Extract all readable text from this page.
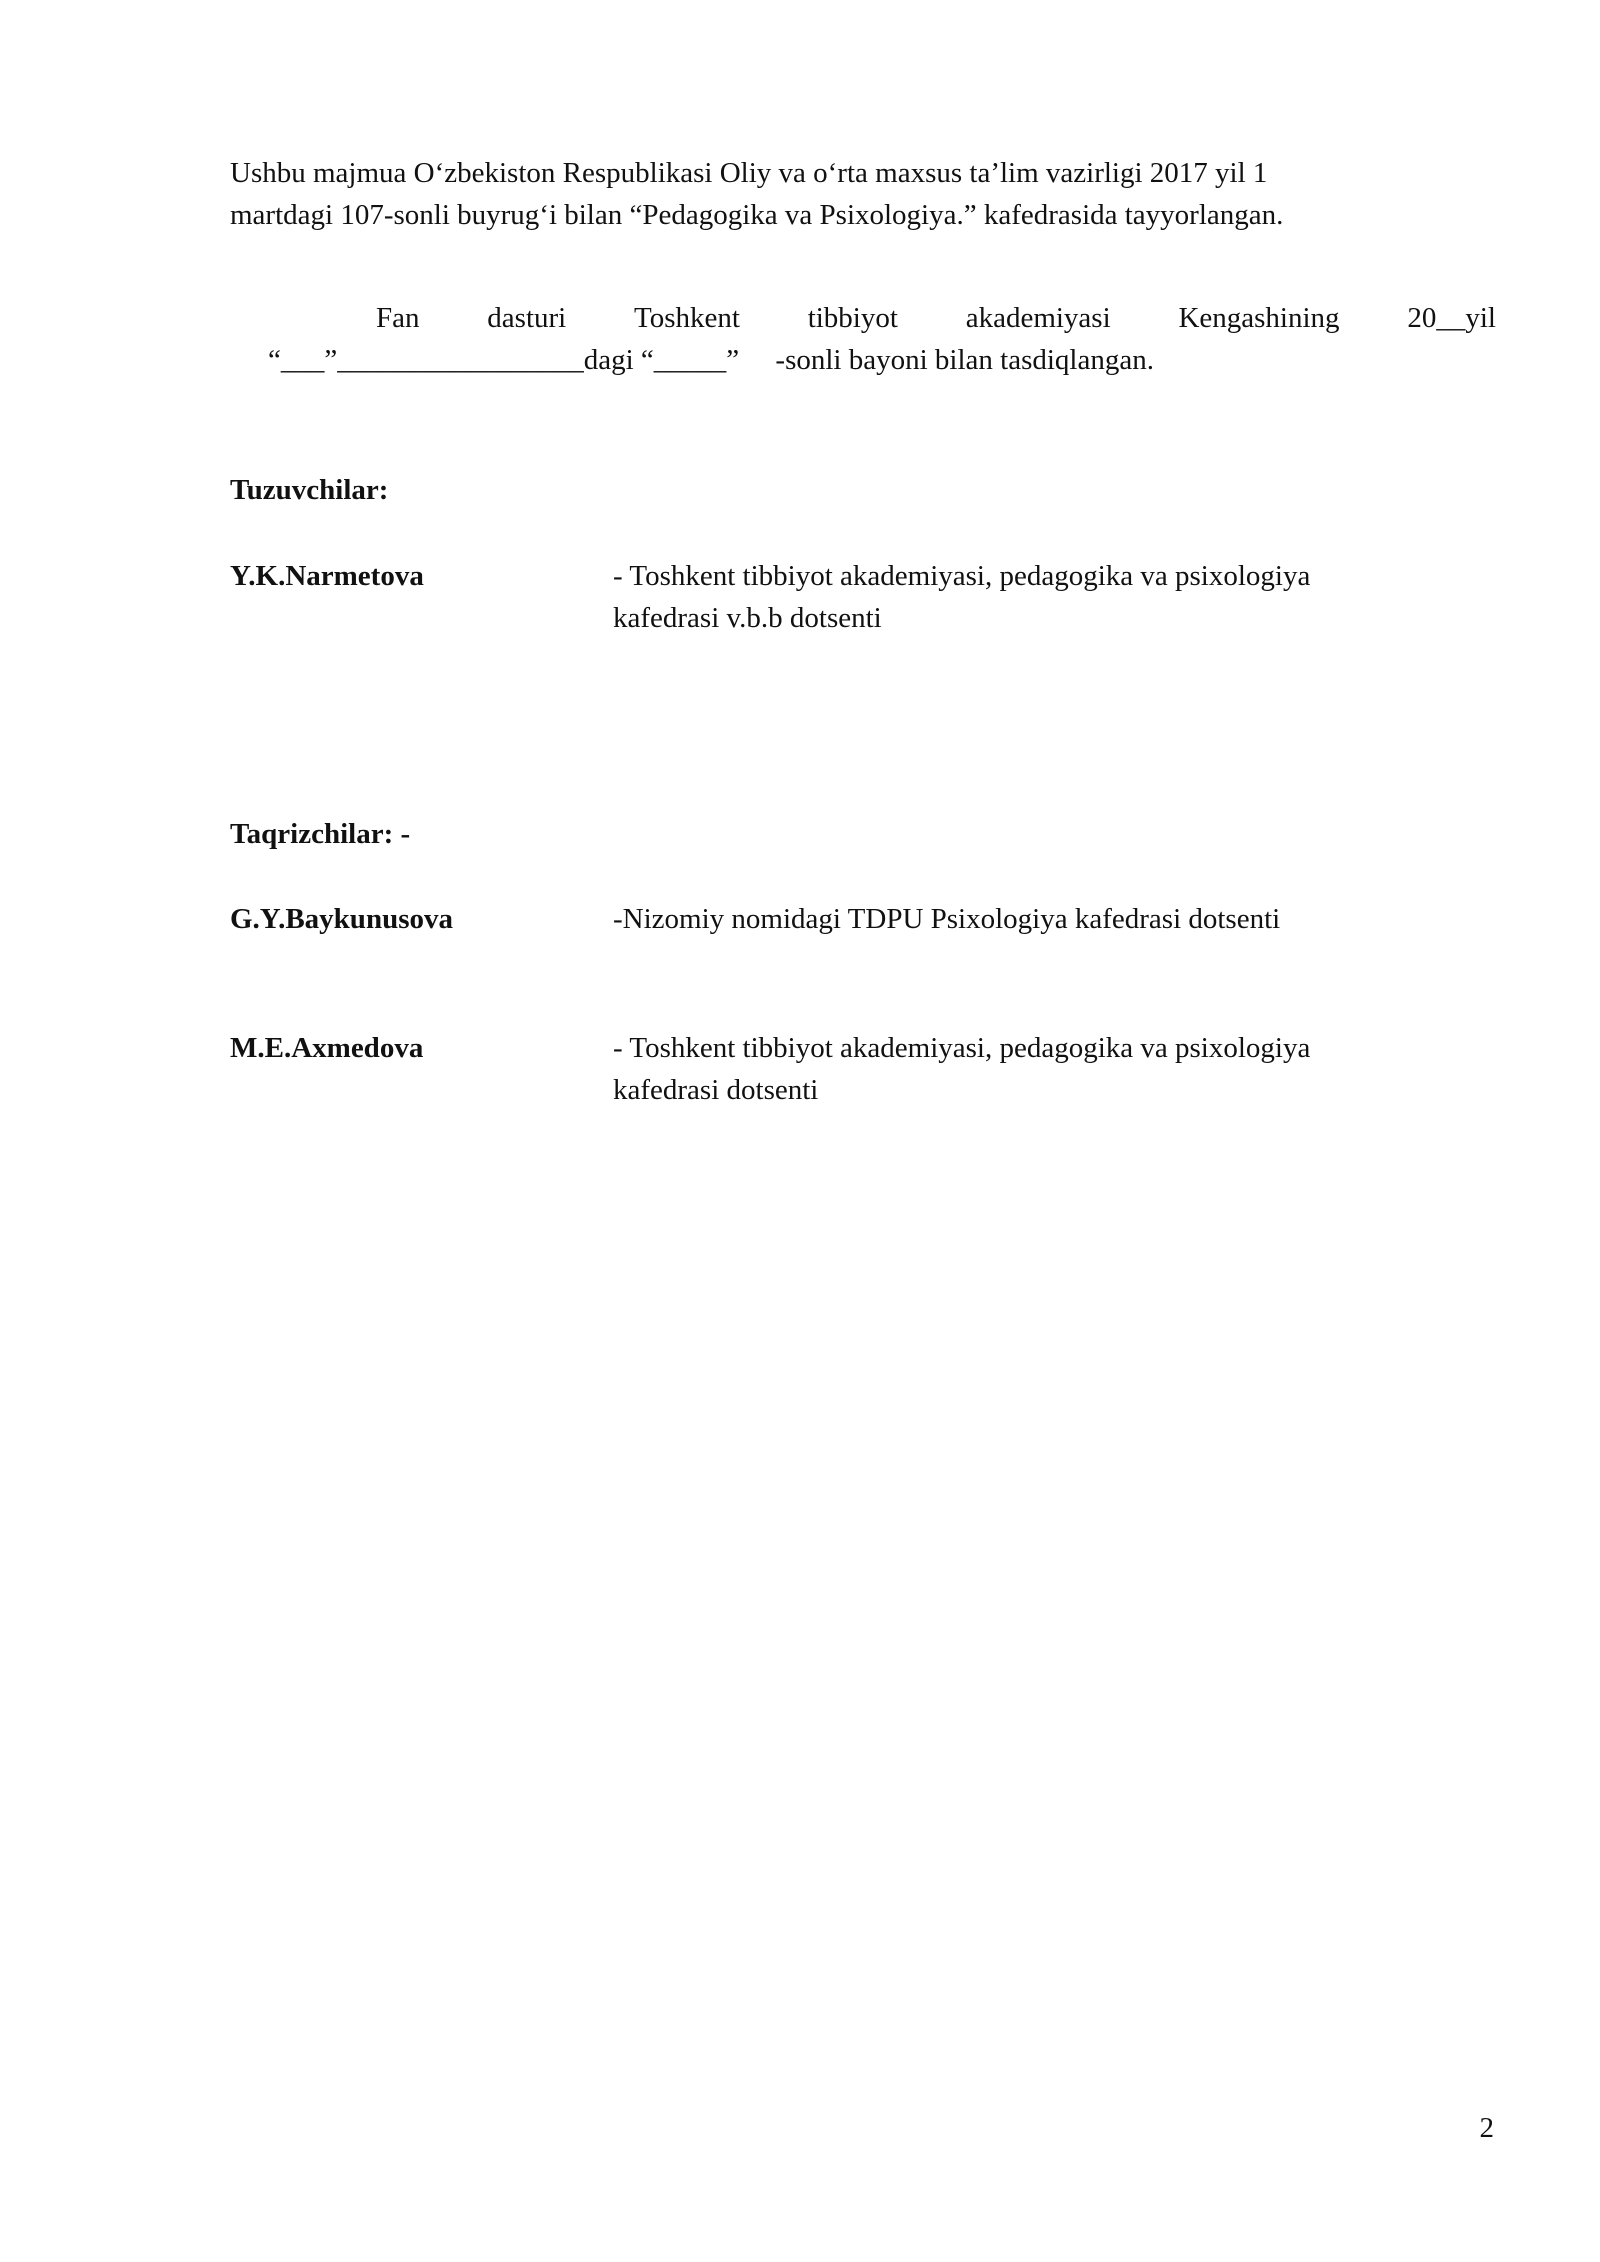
Ushbu majmua O‘zbekiston Respublikasi Oliy va o‘rta maxsus ta’lim vazirligi 2017 yil 1
martdagi 107-sonli buyrug‘i bilan “Pedagogika va Psixologiya.” kafedrasida tayyorlangan.
Fan dasturi Toshkent tibbiyot akademiyasi Kengashining 20__yil
“___”_________________dagi “_____”     -sonli bayoni bilan tasdiqlangan.
Tuzuvchilar:
Y.K.Narmetova	- Toshkent tibbiyot akademiyasi, pedagogika va psixologiya
kafedrasi v.b.b dotsenti
Taqrizchilar: -
G.Y.Baykunusova	-Nizomiy nomidagi TDPU Psixologiya kafedrasi dotsenti
M.E.Axmedova	- Toshkent tibbiyot akademiyasi, pedagogika va psixologiya
kafedrasi dotsenti
2
